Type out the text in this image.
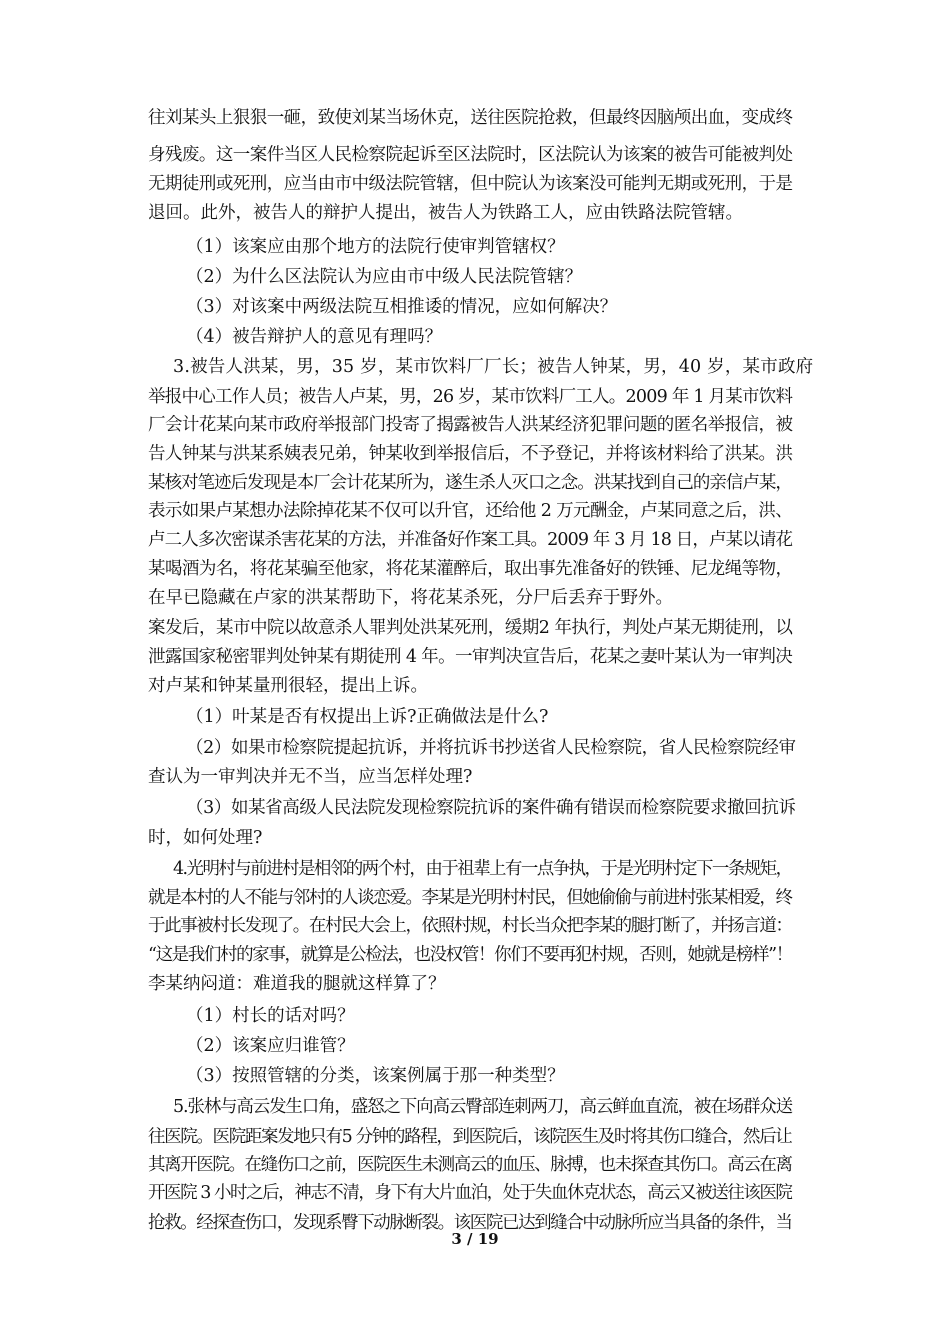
往刘某头上狠狠一砸，致使刘某当场休克，送往医院抢救，但最终因脑颅出血，变成终
身残废。这一案件当区人民检察院起诉至区法院时，区法院认为该案的被告可能被判处
无期徒刑或死刑，应当由市中级法院管辖，但中院认为该案没可能判无期或死刑，于是
退回。此外，被告人的辩护人提出，被告人为铁路工人，应由铁路法院管辖。
（1）该案应由那个地方的法院行使审判管辖权？
（2）为什么区法院认为应由市中级人民法院管辖？
（3）对该案中两级法院互相推诿的情况，应如何解决？
（4）被告辩护人的意见有理吗？
3.被告人洪某，男，35 岁，某市饮料厂厂长；被告人钟某，男，40 岁，某市政府
举报中心工作人员；被告人卢某，男，26 岁，某市饮料厂工人。2009 年 1 月某市饮料
厂会计花某向某市政府举报部门投寄了揭露被告人洪某经济犯罪问题的匿名举报信，被
告人钟某与洪某系姨表兄弟，钟某收到举报信后，不予登记，并将该材料给了洪某。洪
某核对笔迹后发现是本厂会计花某所为，遂生杀人灭口之念。洪某找到自己的亲信卢某，
表示如果卢某想办法除掉花某不仅可以升官，还给他 2 万元酬金，卢某同意之后，洪、
卢二人多次密谋杀害花某的方法，并准备好作案工具。2009 年 3 月 18 日，卢某以请花
某喝酒为名，将花某骗至他家，将花某灌醉后，取出事先准备好的铁锤、尼龙绳等物，
在早已隐藏在卢家的洪某帮助下，将花某杀死，分尸后丢弃于野外。
案发后，某市中院以故意杀人罪判处洪某死刑，缓期2 年执行，判处卢某无期徒刑，以
泄露国家秘密罪判处钟某有期徒刑 4 年。一审判决宣告后，花某之妻叶某认为一审判决
对卢某和钟某量刑很轻，提出上诉。
（1）叶某是否有权提出上诉?正确做法是什么?
（2）如果市检察院提起抗诉，并将抗诉书抄送省人民检察院，省人民检察院经审
查认为一审判决并无不当，应当怎样处理?
（3）如某省高级人民法院发现检察院抗诉的案件确有错误而检察院要求撤回抗诉
时，如何处理?
4.光明村与前进村是相邻的两个村，由于祖辈上有一点争执，于是光明村定下一条规矩，
就是本村的人不能与邻村的人谈恋爱。李某是光明村村民，但她偷偷与前进村张某相爱，终
于此事被村长发现了。在村民大会上，依照村规，村长当众把李某的腿打断了，并扬言道：
“这是我们村的家事，就算是公检法，也没权管！你们不要再犯村规，否则，她就是榜样”！
李某纳闷道：难道我的腿就这样算了？
（1）村长的话对吗？
（2）该案应归谁管？
（3）按照管辖的分类，该案例属于那一种类型？
5.张林与高云发生口角，盛怒之下向高云臀部连刺两刀，高云鲜血直流，被在场群众送
往医院。医院距案发地只有5 分钟的路程，到医院后，该院医生及时将其伤口缝合，然后让
其离开医院。在缝伤口之前，医院医生未测高云的血压、脉搏，也未探查其伤口。高云在离
开医院 3 小时之后，神志不清，身下有大片血泊，处于失血休克状态，高云又被送往该医院
抢救。经探查伤口，发现系臀下动脉断裂。该医院已达到缝合中动脉所应当具备的条件，当
3 / 19
